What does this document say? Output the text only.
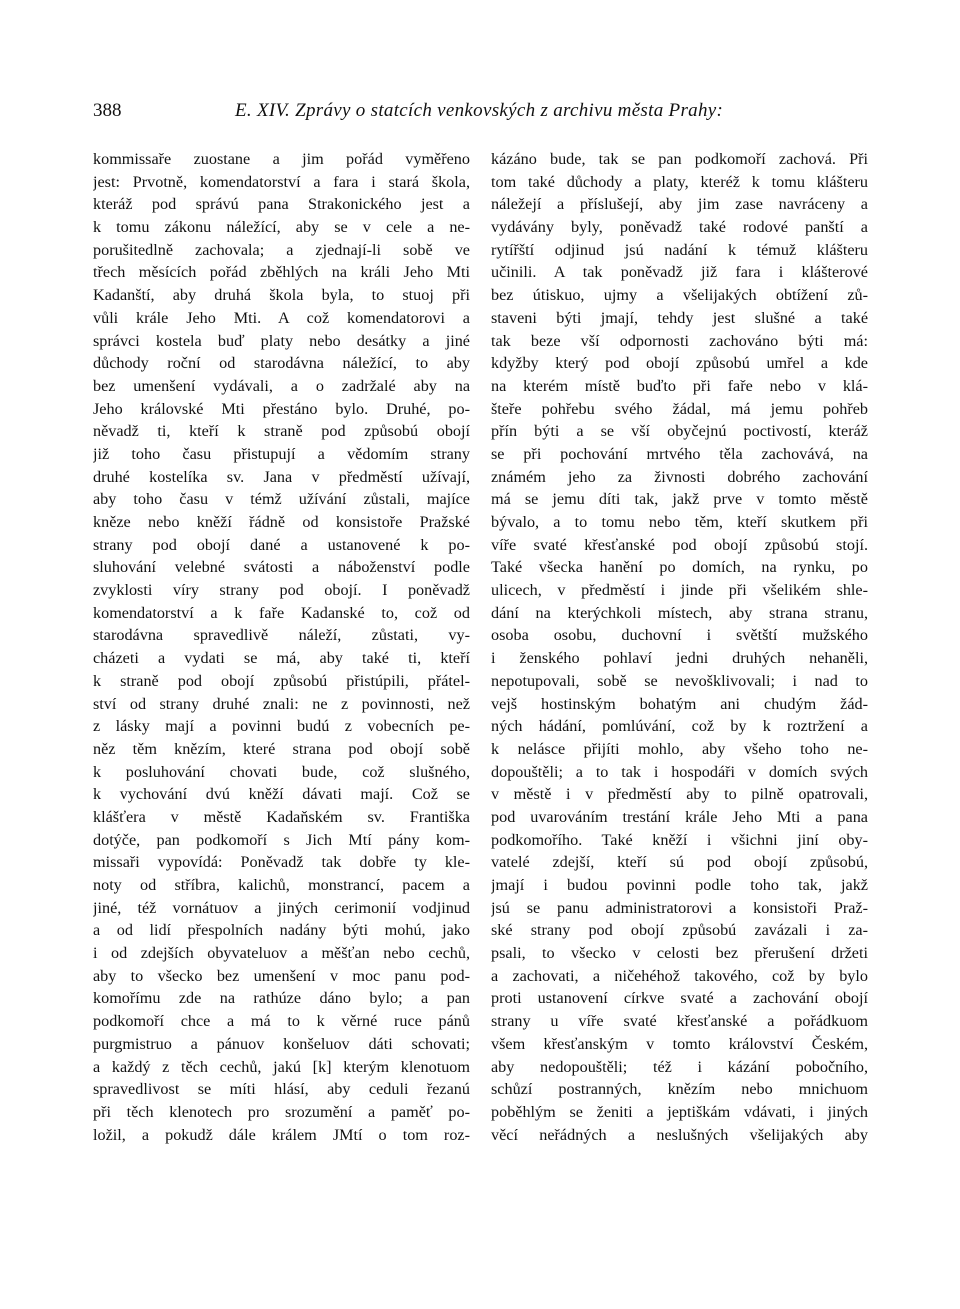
388	E. XIV. Zprávy o statcích venkovských z archivu města Prahy:
kommissaře zuostane a jim pořád vyměřeno
jest: Prvotně, komendatorství a fara i stará škola,
kteráž pod správú pana Strakonického jest a
k tomu zákonu náležící, aby se v cele a ne-
porušitedlně zachovala; a zjednají-li sobě ve
třech měsících pořád zběhlých na králi Jeho Mti
Kadanští, aby druhá škola byla, to stuoj při
vůli krále Jeho Mti. A což komendatorovi a
správci kostela buď platy nebo desátky a jiné
důchody roční od starodávna náležící, to aby
bez umenšení vydávali, a o zadržalé aby na
Jeho královské Mti přestáno bylo. Druhé, po-
něvadž ti, kteří k straně pod způsobú obojí
již toho času přistupují a vědomím strany
druhé kostelíka sv. Jana v předměstí užívají,
aby toho času v témž užívání zůstali, majíce
kněze nebo kněží řádně od konsistoře Pražské
strany pod obojí dané a ustanovené k po-
sluhování velebné svátosti a náboženství podle
zvyklosti víry strany pod obojí. I poněvadž
komendatorství a k faře Kadanské to, což od
starodávna spravedlivě náleží, zůstati, vy-
cházeti a vydati se má, aby také ti, kteří
k straně pod obojí způsobú přistúpili, přátel-
ství od strany druhé znali: ne z povinnosti, než
z lásky mají a povinni budú z vobecních pe-
něz těm knězím, které strana pod obojí sobě
k posluhování chovati bude, což slušného,
k vychování dvú kněží dávati mají. Což se
klášťera v městě Kadaňském sv. Františka
dotýče, pan podkomoří s Jich Mtí pány kom-
missaři vypovídá: Poněvadž tak dobře ty kle-
noty od stříbra, kalichů, monstrancí, pacem a
jiné, též vornátuov a jiných cerimonií vodjinud
a od lidí přespolních nadány býti mohú, jako
i od zdejších obyvateluov a měšťan nebo cechů,
aby to všecko bez umenšení v moc panu pod-
komořímu zde na rathúze dáno bylo; a pan
podkomoří chce a má to k věrné ruce pánů
purgmistruo a pánuov konšeluov dáti schovati;
a každý z těch cechů, jakú [k] kterým klenotuom
spravedlivost se míti hlásí, aby ceduli řezanú
při těch klenotech pro srozumění a paměť po-
ložil, a pokudž dále králem JMtí o tom roz-
kázáno bude, tak se pan podkomoří zachová. Při
tom také důchody a platy, kteréž k tomu klášteru
náležejí a příslušejí, aby jim zase navráceny a
vydávány byly, poněvadž také rodové panští a
rytířští odjinud jsú nadání k témuž klášteru
učinili. A tak poněvadž již fara i klášterové
bez útiskuo, ujmy a všelijakých obtížení zů-
staveni býti jmají, tehdy jest slušné a také
tak beze vší odpornosti zachováno býti má:
kdyžby který pod obojí způsobú umřel a kde
na kterém místě buďto při faře nebo v klá-
šteře pohřebu svého žádal, má jemu pohřeb
přín býti a se vší obyčejnú poctivostí, kteráž
se při pochování mrtvého těla zachovává, na
známém jeho za živnosti dobrého zachování
má se jemu díti tak, jakž prve v tomto městě
bývalo, a to tomu nebo těm, kteří skutkem při
víře svaté křesťanské pod obojí způsobú stojí.
Také všecka hanění po domích, na rynku, po
ulicech, v předměstí i jinde při všelikém shle-
dání na kterýchkoli místech, aby strana stranu,
osoba osobu, duchovní i světští mužského
i ženského pohlaví jedni druhých nehaněli,
nepotupovali, sobě se nevošklivovali; i nad to
vejš hostinským bohatým ani chudým žád-
ných hádání, pomlúvání, což by k roztržení a
k nelásce přijíti mohlo, aby všeho toho ne-
dopouštěli; a to tak i hospodáři v domích svých
v městě i v předměstí aby to pilně opatrovali,
pod uvarováním trestání krále Jeho Mti a pana
podkomořího. Také kněží i všichni jiní oby-
vatelé zdejší, kteří sú pod obojí způsobú,
jmají i budou povinni podle toho tak, jakž
jsú se panu administratorovi a konsistoři Praž-
ské strany pod obojí způsobú zavázali i za-
psali, to všecko v celosti bez přerušení držeti
a zachovati, a ničehéhož takového, což by bylo
proti ustanovení církve svaté a zachování obojí
strany u víře svaté křesťanské a pořádkuom
všem křesťanským v tomto království Českém,
aby nedopouštěli; též i kázání pobočního,
schůzí postranných, knězím nebo mnichuom
poběhlým se ženiti a jeptiškám vdávati, i jiných
věcí neřádných a neslušných všelijakých aby
